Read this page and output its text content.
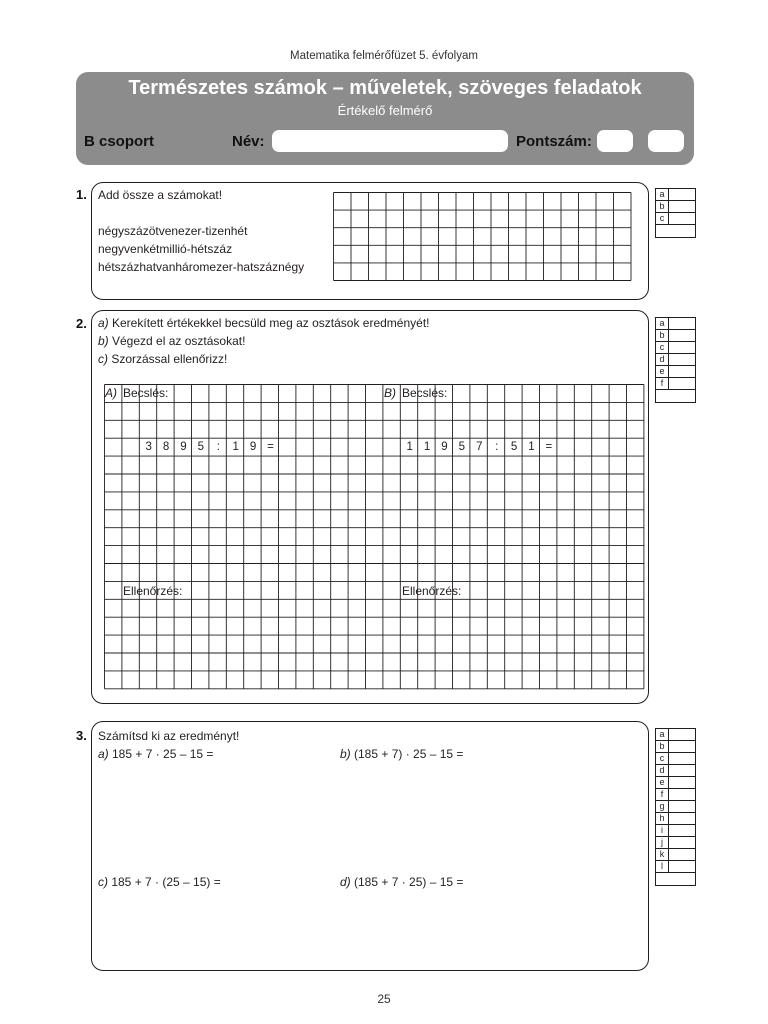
Matematika felmérőfüzet 5. évfolyam
Természetes számok – műveletek, szöveges feladatok
Értékelő felmérő
B csoport	Név:	Pontszám:
1. Add össze a számokat!
négyszázötvenezer-tizenhét
negyvenkétmillió-hétszáz
hétszázhatvanháromezer-hatszáznégy
a	
b	
c	

2. a) Kerekített értékekkel becsüld meg az osztások eredményét!
b) Végezd el az osztásokat!
c) Szorzással ellenőrizz!
A) Becslés:	B) Becslés:
Ellenőrzés:	Ellenőrzés:
3 8 9 5	:	1 9 =	1 1 9 5 7	:	5 1 =
a	
b	
c	
d	
e	
f	

3. Számítsd ki az eredményt!
a) 185 + 7 · 25 – 15 =	b) (185 + 7) · 25 – 15 =
c) 185 + 7 · (25 – 15) =	d) (185 + 7 · 25) – 15 =
a	
b	
c	
d	
e	
f	
g	
h	
i	
j	
k	
l	

25
